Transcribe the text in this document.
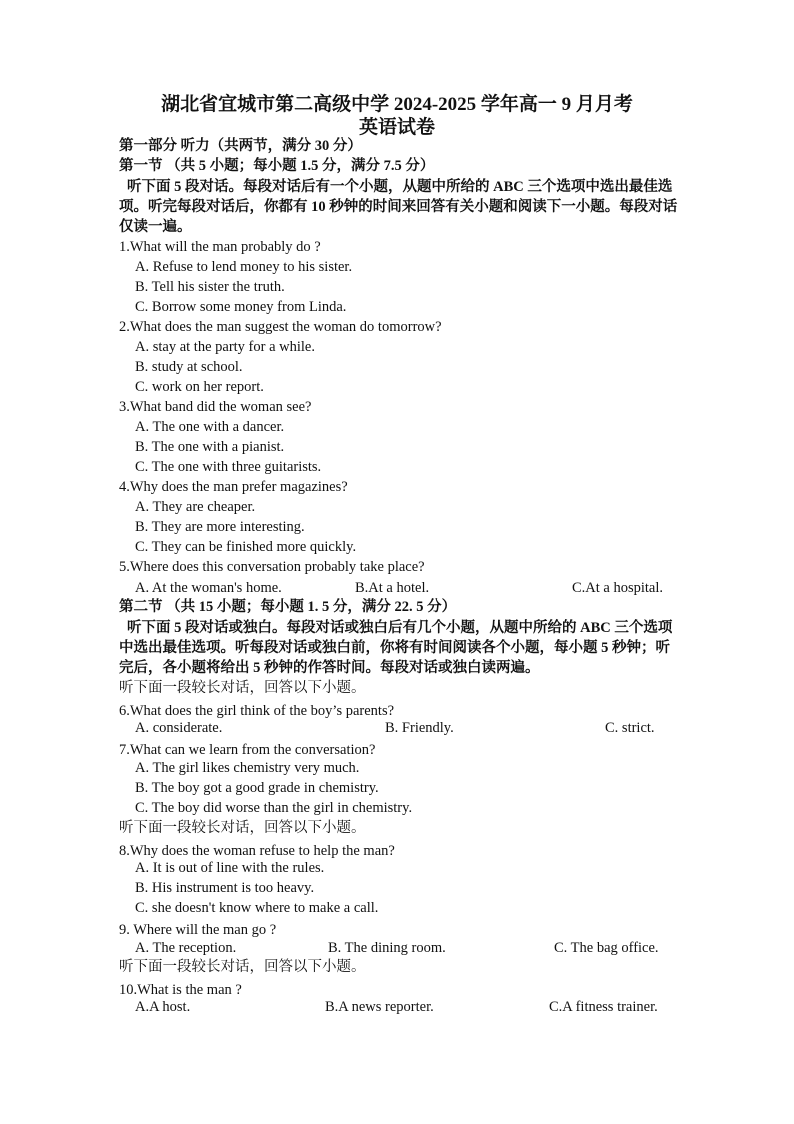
湖北省宜城市第二高级中学 2024-2025 学年高一 9 月月考
英语试卷
第一部分 听力（共两节，满分 30 分）
第一节 （共 5 小题；每小题 1.5 分，满分 7.5 分）
听下面 5 段对话。每段对话后有一个小题，从题中所给的 ABC 三个选项中选出最佳选项。听完每段对话后，你都有 10 秒钟的时间来回答有关小题和阅读下一小题。每段对话仅读一遍。
1.What will the man probably do ?
A. Refuse to lend money to his sister.
B. Tell his sister the truth.
C. Borrow some money from Linda.
2.What does the man suggest the woman do tomorrow?
A. stay at the party for a while.
B. study at school.
C. work on her report.
3.What band did the woman see?
A. The one with a dancer.
B. The one with a pianist.
C. The one with three guitarists.
4.Why does the man prefer magazines?
A. They are cheaper.
B. They are more interesting.
C. They can be finished more quickly.
5.Where does this conversation probably take place?
A. At the woman's home.	B.At a hotel.	C.At a hospital.
第二节 （共 15 小题；每小题 1. 5 分，满分 22. 5 分）
听下面 5 段对话或独白。每段对话或独白后有几个小题，从题中所给的 ABC 三个选项中选出最佳选项。听每段对话或独白前，你将有时间阅读各个小题，每小题 5 秒钟；听完后，各小题将给出 5 秒钟的作答时间。每段对话或独白读两遍。
听下面一段较长对话，回答以下小题。
6.What does the girl think of the boy’s parents?
A. considerate.	B. Friendly.	C. strict.
7.What can we learn from the conversation?
A. The girl likes chemistry very much.
B. The boy got a good grade in chemistry.
C. The boy did worse than the girl in chemistry.
听下面一段较长对话，回答以下小题。
8.Why does the woman refuse to help the man?
A. It is out of line with the rules.
B. His instrument is too heavy.
C. she doesn't know where to make a call.
9. Where will the man go ?
A. The reception.	B. The dining room.	C. The bag office.
听下面一段较长对话，回答以下小题。
10.What is the man ?
A.A host.	B.A news reporter.	C.A fitness trainer.
